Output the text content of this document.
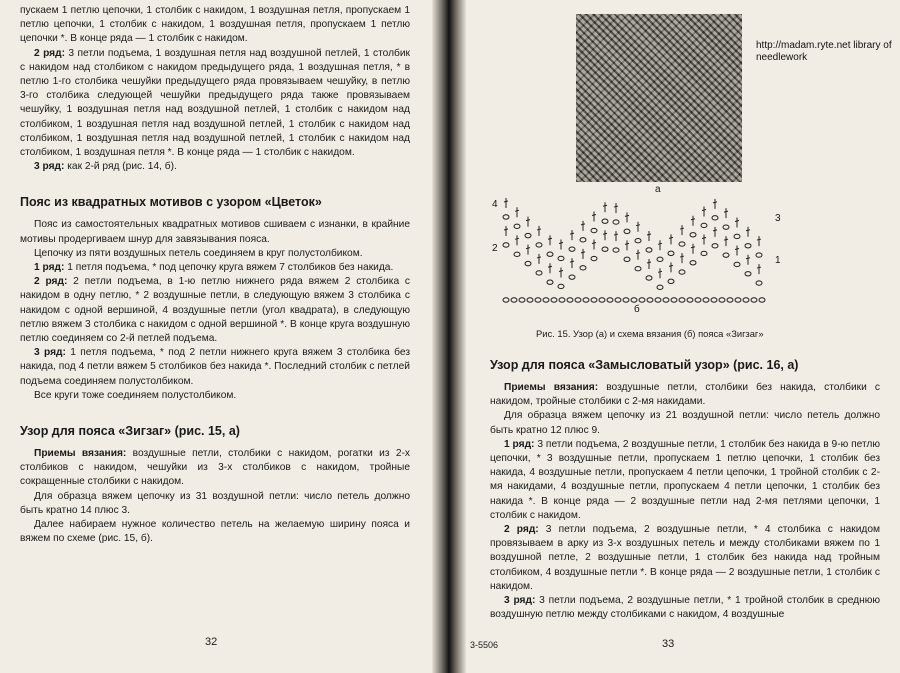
пускаем 1 петлю цепочки, 1 столбик с накидом, 1 воздушная петля, пропускаем 1 петлю цепочки, 1 столбик с накидом, 1 воздушная петля, пропускаем 1 петлю цепочки *. В конце ряда — 1 столбик с накидом.

2 ряд: 3 петли подъема, 1 воздушная петля над воздушной петлей, 1 столбик с накидом над столбиком с накидом предыдущего ряда, 1 воздушная петля, * в петлю 1-го столбика чешуйки предыдущего ряда провязываем чешуйку, в петлю 3-го столбика следующей чешуйки предыдущего ряда также провязываем чешуйку, 1 воздушная петля над воздушной петлей, 1 столбик с накидом над столбиком, 1 воздушная петля над воздушной петлей, 1 столбик с накидом над столбиком, 1 воздушная петля над воздушной петлей, 1 столбик с накидом над столбиком, 1 воздушная петля *. В конце ряда — 1 столбик с накидом.

3 ряд: как 2-й ряд (рис. 14, б).

Пояс из квадратных мотивов с узором «Цветок»

Пояс из самостоятельных квадратных мотивов сшиваем с изнанки, в крайние мотивы продергиваем шнур для завязывания пояса.

Цепочку из пяти воздушных петель соединяем в круг полустолбиком.

1 ряд: 1 петля подъема, * под цепочку круга вяжем 7 столбиков без накида.

2 ряд: 2 петли подъема, в 1-ю петлю нижнего ряда вяжем 2 столбика с накидом в одну петлю, * 2 воздушные петли, в следующую вяжем 3 столбика с накидом с одной вершиной, 4 воздушные петли (угол квадрата), в следующую петлю вяжем 3 столбика с накидом с одной вершиной *. В конце круга воздушную петлю соединяем со 2-й петлей подъема.

3 ряд: 1 петля подъема, * под 2 петли нижнего круга вяжем 3 столбика без накида, под 4 петли вяжем 5 столбиков без накида *. Последний столбик с петлей подъема соединяем полустолбиком.

Все круги тоже соединяем полустолбиком.

Узор для пояса «Зигзаг» (рис. 15, а)

Приемы вязания: воздушные петли, столбики с накидом, рогатки из 2-х столбиков с накидом, чешуйки из 3-х столбиков с накидом, тройные сокращенные столбики с накидом.

Для образца вяжем цепочку из 31 воздушной петли: число петель должно быть кратно 14 плюс 3.

Далее набираем нужное количество петель на желаемую ширину пояса и вяжем по схеме (рис. 15, б).

32
а
http://madam.ryte.net library of needlework
4
2
3
1
б
Рис. 15. Узор (а) и схема вязания (б) пояса «Зигзаг»
Узор для пояса «Замысловатый узор» (рис. 16, а)

Приемы вязания: воздушные петли, столбики без накида, столбики с накидом, тройные столбики с 2-мя накидами.

Для образца вяжем цепочку из 21 воздушной петли: число петель должно быть кратно 12 плюс 9.

1 ряд: 3 петли подъема, 2 воздушные петли, 1 столбик без накида в 9-ю петлю цепочки, * 3 воздушные петли, пропускаем 1 петлю цепочки, 1 столбик без накида, 4 воздушные петли, пропускаем 4 петли цепочки, 1 тройной столбик с 2-мя накидами, 4 воздушные петли, пропускаем 4 петли цепочки, 1 столбик без накида *. В конце ряда — 2 воздушные петли над 2-мя петлями цепочки, 1 столбик с накидом.

2 ряд: 3 петли подъема, 2 воздушные петли, * 4 столбика с накидом провязываем в арку из 3-х воздушных петель и между столбиками вяжем по 1 воздушной петле, 2 воздушные петли, 1 столбик без накида над тройным столбиком, 4 воздушные петли *. В конце ряда — 2 воздушные петли, 1 столбик с накидом.

3 ряд: 3 петли подъема, 2 воздушные петли, * 1 тройной столбик в среднюю воздушную петлю между столбиками с накидом, 4 воздушные

3-5506	33
